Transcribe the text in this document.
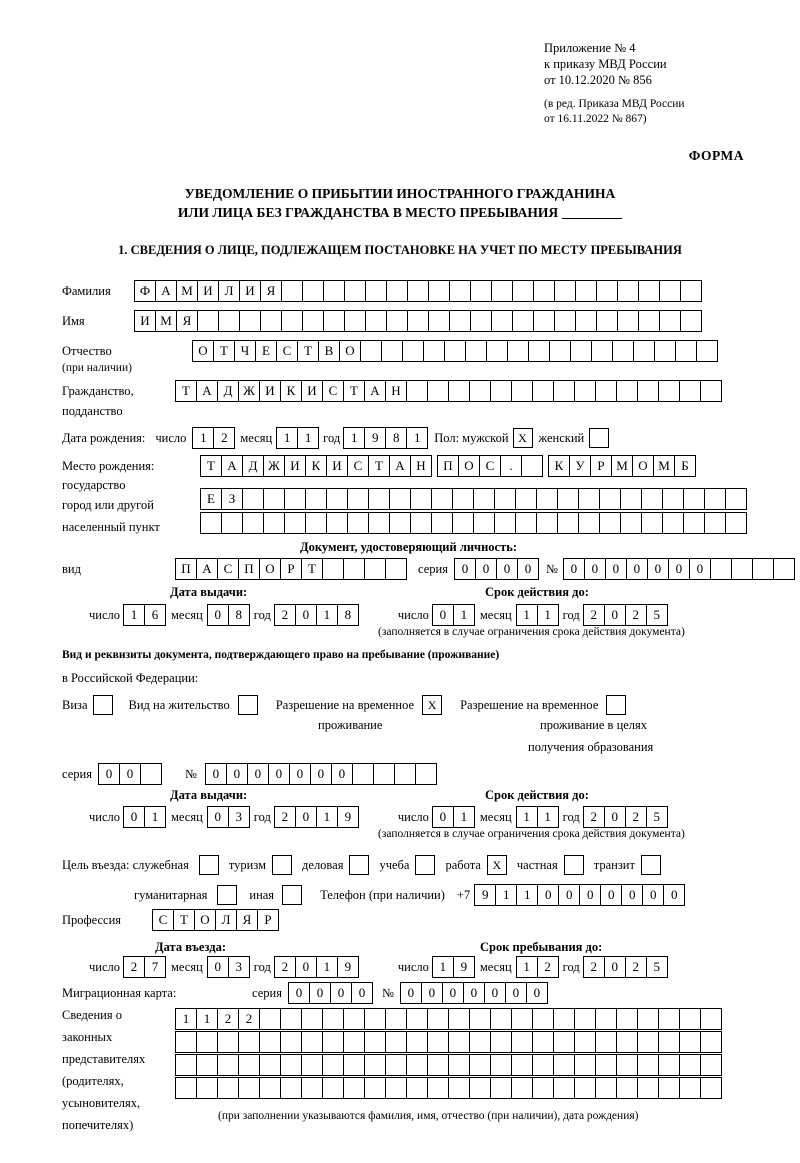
Приложение № 4
к приказу МВД России
от 10.12.2020 № 856
(в ред. Приказа МВД России
от 16.11.2022 № 867)
ФОРМА
УВЕДОМЛЕНИЕ О ПРИБЫТИИ ИНОСТРАННОГО ГРАЖДАНИНА
ИЛИ ЛИЦА БЕЗ ГРАЖДАНСТВА В МЕСТО ПРЕБЫВАНИЯ
1. СВЕДЕНИЯ О ЛИЦЕ, ПОДЛЕЖАЩЕМ ПОСТАНОВКЕ НА УЧЕТ ПО МЕСТУ ПРЕБЫВАНИЯ
Фамилия	Ф А М И Л И Я
Имя	И М Я
Отчество	О Т Ч Е С Т В О
(при наличии)
Гражданство,	Т А Д Ж И К И С Т А Н
подданство
Дата рождения: число	1	2	месяц 1	1 год 1	9	8	1	Пол: мужской X женский
Место рождения:	Т А Д Ж И К И С Т А Н	П О С	.	К У Р М О М Б
государство
Е	З
город или другой
населенный пункт
Документ, удостоверяющий личность:
вид	П А С П О Р	Т	серия	0	0	0	0	№ 0	0	0	0	0	0	0
Дата выдачи:	Срок действия до:
число 1	6	месяц 0	8 год 2	0	1	8	число 0	1	месяц 1	1 год 2	0	2	5
(заполняется в случае ограничения срока действия документа)
Вид и реквизиты документа, подтверждающего право на пребывание (проживание)
в Российской Федерации:
Виза	Вид на жительство	Разрешение на временное	X	Разрешение на временное
проживание	проживание в целях
получения образования
серия	0	0	№	0	0	0	0	0	0	0
Дата выдачи:	Срок действия до:
число 0	1	месяц 0	3 год 2	0	1	9	число 0	1	месяц 1	1 год 2	0	2	5
(заполняется в случае ограничения срока действия документа)
Цель въезда: служебная	туризм	деловая	учеба	работа X	частная	транзит
гуманитарная	иная	Телефон (при наличии) +7 9	1	1	0	0	0	0	0	0	0
Профессия	С Т О Л Я	Р
Дата въезда:	Срок пребывания до:
число 2	7	месяц 0	3 год 2	0	1	9	число 1	9	месяц 1	2 год 2	0	2	5
Миграционная карта:	серия	0	0	0	0	№	0	0	0	0	0	0	0
Сведения о
законных
представителях
(родителях,
усыновителях,
попечителях)
1	1	2	2
(при заполнении указываются фамилия, имя, отчество (при наличии), дата рождения)
